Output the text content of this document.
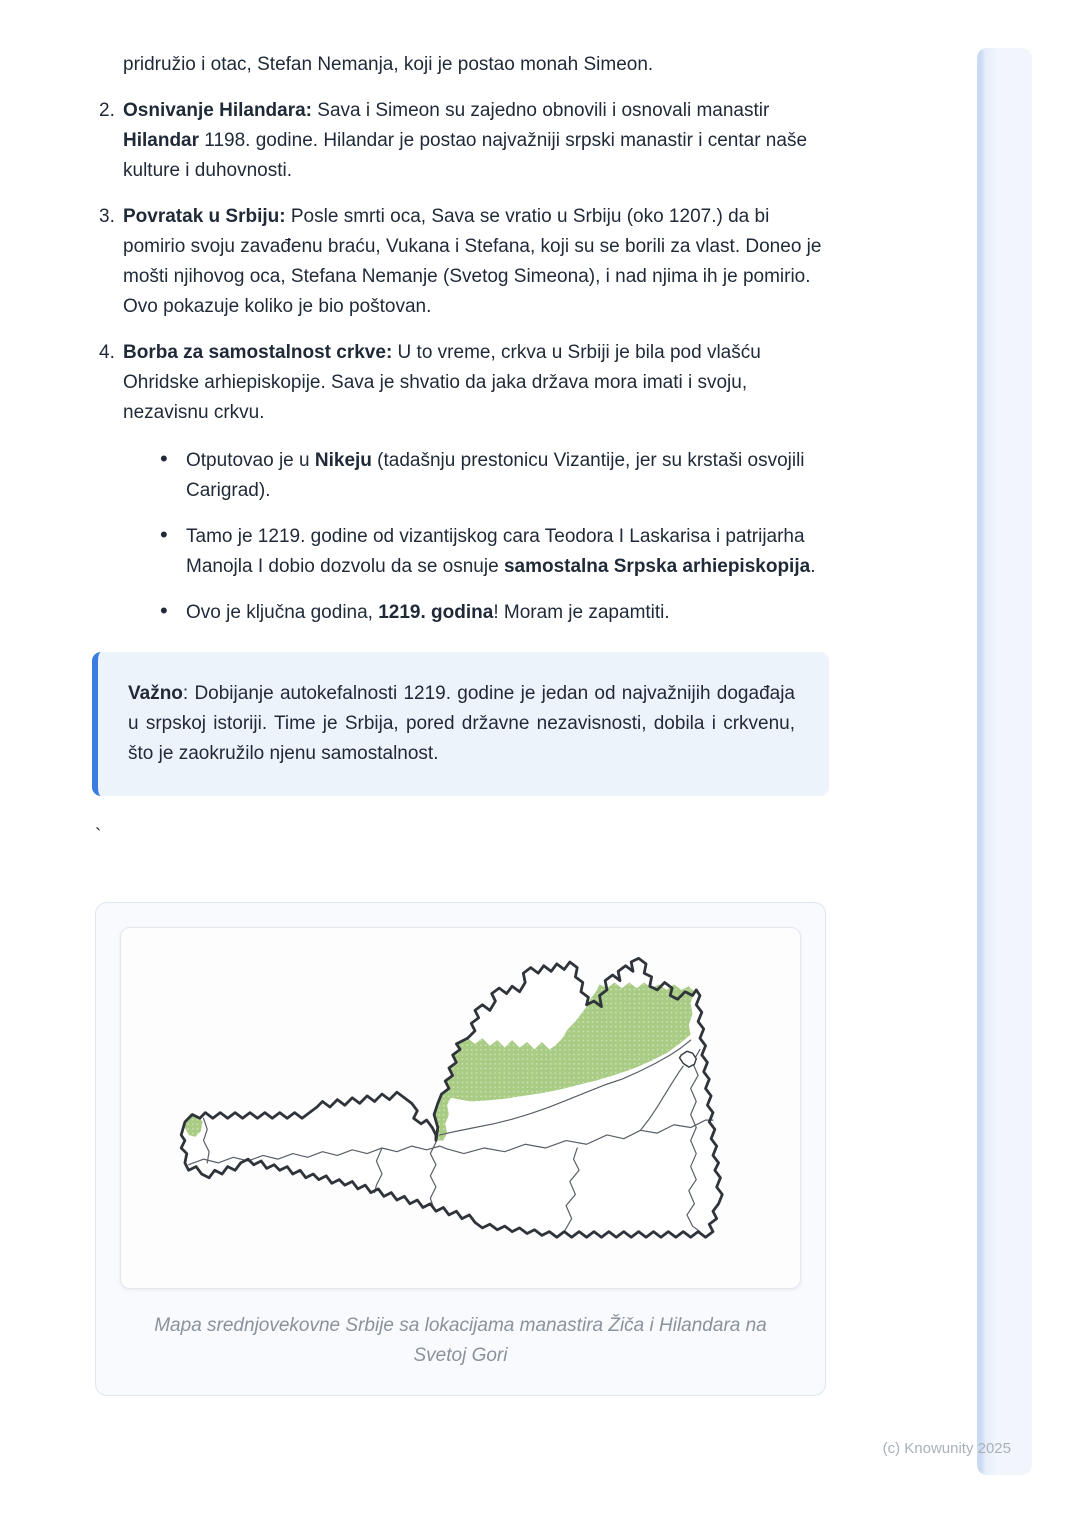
pridružio i otac, Stefan Nemanja, koji je postao monah Simeon.

2. Osnivanje Hilandara: Sava i Simeon su zajedno obnovili i osnovali manastir Hilandar 1198. godine. Hilandar je postao najvažniji srpski manastir i centar naše kulture i duhovnosti.
3. Povratak u Srbiju: Posle smrti oca, Sava se vratio u Srbiju (oko 1207.) da bi pomirio svoju zavađenu braću, Vukana i Stefana, koji su se borili za vlast. Doneo je mošti njihovog oca, Stefana Nemanje (Svetog Simeona), i nad njima ih je pomirio. Ovo pokazuje koliko je bio poštovan.
4. Borba za samostalnost crkve: U to vreme, crkva u Srbiji je bila pod vlašću Ohridske arhiepiskopije. Sava je shvatio da jaka država mora imati i svoju, nezavisnu crkvu.
• Otputovao je u Nikeju (tadašnju prestonicu Vizantije, jer su krstaši osvojili Carigrad).
• Tamo je 1219. godine od vizantijskog cara Teodora I Laskarisa i patrijarha Manojla I dobio dozvolu da se osnuje samostalna Srpska arhiepiskopija.
• Ovo je ključna godina, 1219. godina! Moram je zapamtiti.
Važno: Dobijanje autokefalnosti 1219. godine je jedan od najvažnijih događaja u srpskoj istoriji. Time je Srbija, pored državne nezavisnosti, dobila i crkvenu, što je zaokružilo njenu samostalnost.
`
Mapa srednjovekovne Srbije sa lokacijama manastira Žiča i Hilandara na Svetoj Gori
(c) Knowunity 2025
